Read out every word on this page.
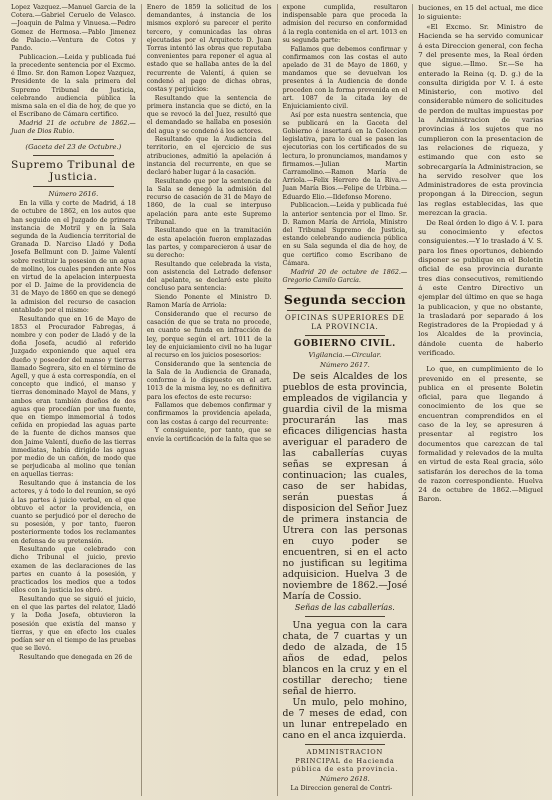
Lopez Vazquez.—Manuel Garcia de la Cotera.—Gabriel Ceruelo de Velasco.—Joaquin de Palma y Vinuesa.—Pedro Gomez de Hermosa.—Pablo Jimenez de Palacio.—Ventura de Cotos y Pando.

Publicacion.—Leida y publicada fué la precedente sentencia por el Excmo. é Ilmo. Sr. don Ramon Lopez Vazquez, Presidente de la sala primera del Supremo Tribunal de Justicia, celebrando audiencia pública la misma sala en el dia de hoy, de que yo el Escribano de Cámara certifico.

Madrid 21 de octubre de 1862.—Juan de Dios Rubio.

(Gaceta del 23 de Octubre.)
Supremo Tribunal de Justicia.
Número 2616.

En la villa y corte de Madrid, á 18 de octubre de 1862, en los autos que han seguido en el Juzgado de primera instancia de Motril y en la Sala segunda de la Audiencia territorial de Granada D. Narciso Lladó y Doña Josefa Bellmunt con D. Jaime Valentí sobre restituir la posesion de un agua de molino, los cuales penden ante Nos en virtud de la apelacion interpuesta por el D. Jaime de la providencia de 31 de Mayo de 1860 en que se denegó la admision del recurso de casacion entablado por el mismo:

Resultando que en 16 de Mayo de 1853 el Procurador Fabregas, á nombre y con poder de Lladó y de la doña Josefa, acudió al referido Juzgado exponiendo que aquel era dueño y poseedor del manso y tierras llamado Segrera, sito en el término de Agell, y que á esta correspondía, en el concepto que indicó, el manso y tierras denominado Mayol de Mans, y ambos eran también dueños de dos aguas que procedían por una fuente, que en tiempo inmemorial á todos ceñida en propiedad las aguas parte de la fuente de dichos mansos que don Jaime Valentí, dueño de las tierras inmediatas, había dirigido las aguas por medio de un cañón, de modo que se perjudicaba al molino que tenían en aquellas tierras:

Resultando que á instancia de los actores, y á todo lo del reuníon, se oyó á las partes á juicio verbal, en el que obtuvo el actor la providencia, en cuanto se perjudicó por el derecho de su posesión, y por tanto, fueron posteriormente todos los reclamantes en defensa de su pretensión.

Resultando que celebrado con dicho Tribunal el juicio, previo examen de las declaraciones de las partes en cuanto á la posesión, y practicados los medios que a todos ellos con la justicia los obró.

Resultando que se siguió el juicio, en el que las partes del relator, Lladó y la Doña Josefa, obtuvieron la posesión que existía del manso y tierras, y que en efecto los cuales podían ser en el tiempo de las pruebas que se llevó.

Resultando que denegada en 26 de

Enero de 1859 la solicitud de los demandantes, á instancia de los mismos exploró su parecer el perito tercero, y comunicadas las obras ejecutadas por el Arquitecto D. Juan Torras intentó las obras que reputaba convenientes para reponer el agua al estado que se hallaba antes de la del recurrente de Valentí, á quien se condenó al pago de dichas obras, costas y perjuicios:

Resultando que la sentencia de primera instancia que se dictó, en la que se revocó la del Juez, resultó que el demandado se hallaba en posesión del agua y se condenó á los actores.

Resultando que la Audiencia del territorio, en el ejercicio de sus atribuciones, admitió la apelación á instancia del recurrente, en que se declaró haber lugar á la casación.

Resultando que por la sentencia de la Sala se denegó la admisión del recurso de casación de 31 de Mayo de 1860, de la cual se interpuso apelación para ante este Supremo Tribunal.

Resultando que en la tramitación de esta apelación fueron emplazadas las partes, y comparecieron á usar de su derecho:

Resultando que celebrada la vista, con asistencia del Letrado defensor del apelante, se declaró este pleito concluso para sentencia:

Siendo Ponente el Ministro D. Ramon María de Arriola:

Considerando que el recurso de casación de que se trata no procede, en cuanto se funda en infracción de ley, porque según el art. 1011 de la ley de enjuiciamiento civil no ha lugar al recurso en los juicios posesorios:

Considerando que la sentencia de la Sala de la Audiencia de Granada, conforme á lo dispuesto en el art. 1013 de la misma ley, no es definitiva para los efectos de este recurso:

Fallamos que debemos confirmar y confirmamos la providencia apelada, con las costas á cargo del recurrente:

Y consiguiente, por tanto, que se envíe la certificación de la falta que se

expone cumplida, resultaron indispensable para que proceda la admision del recurso en conformidad á la regla contenida en el art. 1013 en su segunda parte:

Fallamos que debemos confirmar y confirmamos con las costas el auto apelado de 31 de Mayo de 1860, y mandamos que se devuelvan los presentes á la Audiencia de donde proceden con la forma prevenida en el art. 1087 de la citada ley de Enjuiciamiento civil.

Así por esta nuestra sentencia, que se publicará en la Gaceta del Gobierno é insertará en la Coleccion legislativa, para lo cual se pasen las ejecutorias con los certificados de su lectura, lo pronunciamos, mandamos y firmamos.—Julian Martin Carramolino.—Ramon María de Arriola.—Felix Herrero de la Riva.—Juan María Bios.—Felipe de Urbina.—Eduardo Elio.—Ildefonso Moreno.

Publicacion.—Leida y publicada fué la anterior sentencia por el Ilmo. Sr. D. Ramon María de Arriola, Ministro del Tribunal Supremo de Justicia, estando celebrando audiencia pública en su Sala segunda el dia de hoy, de que certifico como Escribano de Cámara.

Madrid 20 de octubre de 1862.—Gregorio Camilo García.

Segunda seccion
OFICINAS SUPERIORES DE LA PROVINCIA.
GOBIERNO CIVIL.
Vigilancia.—Circular.
Número 2617.

De seis Alcaldes de los pueblos de esta provincia, empleados de vigilancia y guardia civil de la misma procurarán las mas eficaces diligencias hasta averiguar el paradero de las caballerías cuyas señas se expresan á continuacion; las cuales, caso de ser habidas, serán puestas á disposicion del Señor Juez de primera instancia de Utrera con las personas en cuyo poder se encuentren, si en el acto no justifican su legitima adquisicion. Huelva 3 de noviembre de 1862.—José María de Cossio.

Señas de las caballerías.

Una yegua con la cara chata, de 7 cuartas y un dedo de alzada, de 15 años de edad, pelos blancos en la cruz y en el costillar derecho; tiene señal de hierro.

Un mulo, pelo mohino, de 7 meses de edad, con un lunar entrepelado en cano en el anca izquierda.

ADMINISTRACION PRINCIPAL de Hacienda pública de esta provincia.
Número 2618.

La Direccion general de Contri-

buciones, en 15 del actual, me dice lo siguiente:

«El Excmo. Sr. Ministro de Hacienda se ha servido comunicar á esta Direccion general, con fecha 7 del presente mes, la Real órden que sigue.—Ilmo. Sr.—Se ha enterado la Reina (q. D. g.) de la consulta dirigida por V. I. á este Ministerio, con motivo del considerable número de solicitudes de perdon de multas impuestas por la Administracion de varias provincias á los sujetos que no cumplieron con la presentacion de las relaciones de riqueza, y estimando que con esto se sobrecargaría la Administracion, se ha servido resolver que los Administradores de esta provincia propongan á la Direccion, segun las reglas establecidas, las que merezcan la gracia.

De Real órden lo digo á V. I. para su conocimiento y efectos consiguientes.—Y lo traslado á V. S. para los fines oportunos, debiendo disponer se publique en el Boletin oficial de esa provincia durante tres dias consecutivos, remitiendo á este Centro Directivo un ejemplar del último en que se haga la publicacion, y que no obstante, la trasladará por separado á los Registradores de la Propiedad y á los Alcaldes de la provincia, dándole cuenta de haberlo verificado.

Lo que, en cumplimiento de lo prevenido en el presente, se publica en el presente Boletin oficial, para que llegando á conocimiento de los que se encuentran comprendidos en el caso de la ley, se apresuren á presentar al registro los documentos que carezcan de tal formalidad y relevados de la multa en virtud de esta Real gracia, sólo satisfarán los derechos de la toma de razon correspondiente. Huelva 24 de octubre de 1862.—Miguel Baron.
